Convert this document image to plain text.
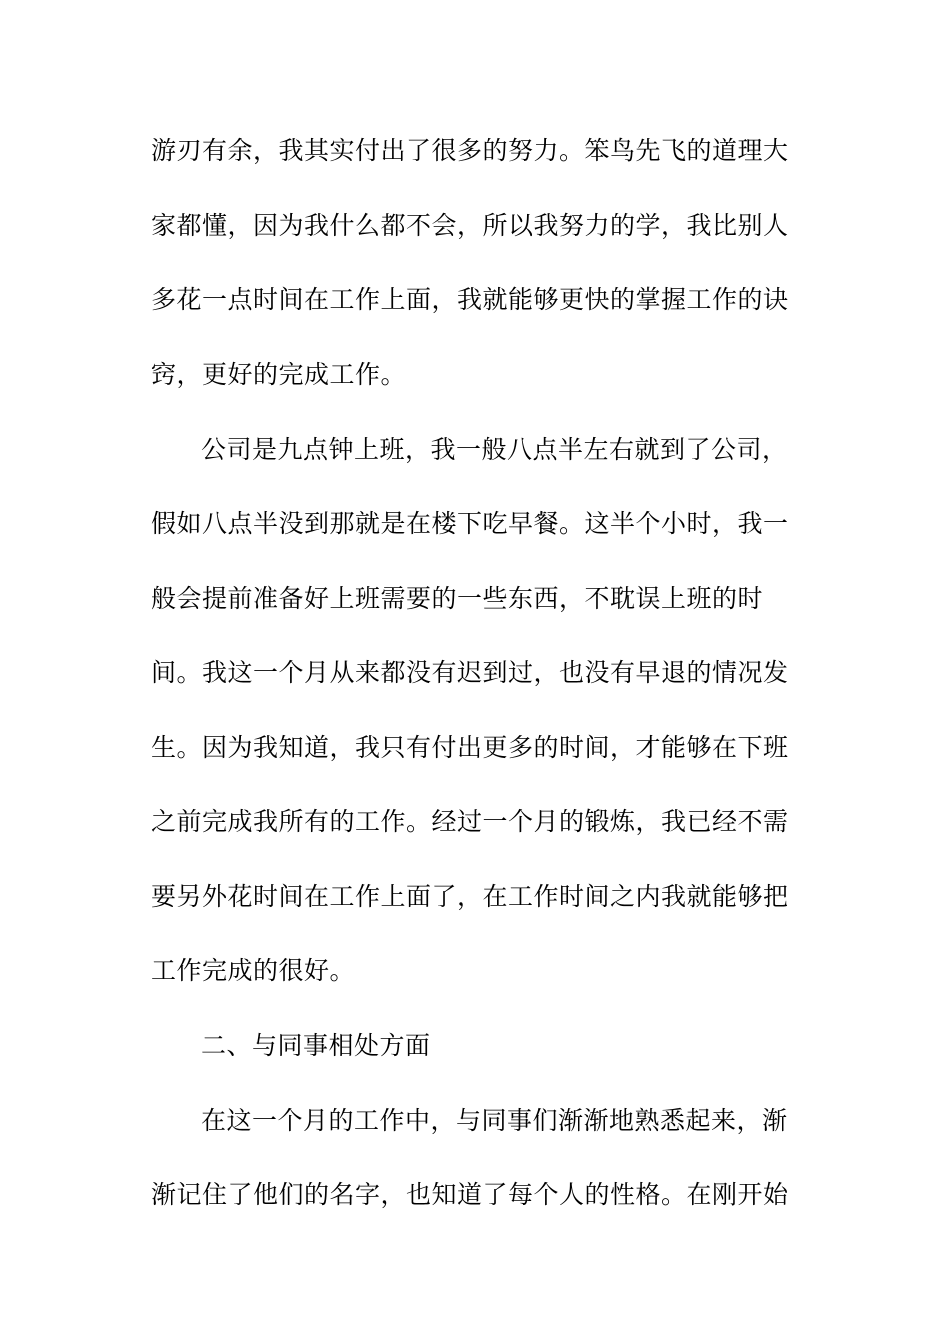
游刃有余，我其实付出了很多的努力。笨鸟先飞的道理大
家都懂，因为我什么都不会，所以我努力的学，我比别人
多花一点时间在工作上面，我就能够更快的掌握工作的诀
窍，更好的完成工作。
公司是九点钟上班，我一般八点半左右就到了公司，
假如八点半没到那就是在楼下吃早餐。这半个小时，我一
般会提前准备好上班需要的一些东西，不耽误上班的时
间。我这一个月从来都没有迟到过，也没有早退的情况发
生。因为我知道，我只有付出更多的时间，才能够在下班
之前完成我所有的工作。经过一个月的锻炼，我已经不需
要另外花时间在工作上面了，在工作时间之内我就能够把
工作完成的很好。
二、与同事相处方面
在这一个月的工作中，与同事们渐渐地熟悉起来，渐
渐记住了他们的名字，也知道了每个人的性格。在刚开始
